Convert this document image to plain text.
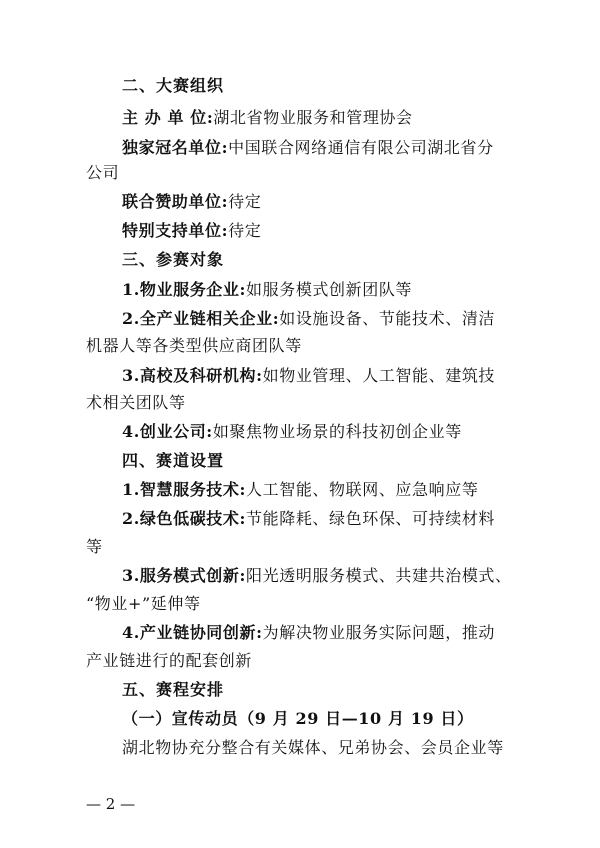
二、大赛组织
主 办 单 位:湖北省物业服务和管理协会
独家冠名单位:中国联合网络通信有限公司湖北省分
公司
联合赞助单位:待定
特别支持单位:待定
三、参赛对象
1.物业服务企业:如服务模式创新团队等
2.全产业链相关企业:如设施设备、节能技术、清洁
机器人等各类型供应商团队等
3.高校及科研机构:如物业管理、人工智能、建筑技
术相关团队等
4.创业公司:如聚焦物业场景的科技初创企业等
四、赛道设置
1.智慧服务技术:人工智能、物联网、应急响应等
2.绿色低碳技术:节能降耗、绿色环保、可持续材料
等
3.服务模式创新:阳光透明服务模式、共建共治模式、
“物业+”延伸等
4.产业链协同创新:为解决物业服务实际问题，推动
产业链进行的配套创新
五、赛程安排
（一）宣传动员（9 月 29 日—10 月 19 日）
湖北物协充分整合有关媒体、兄弟协会、会员企业等
— 2 —
